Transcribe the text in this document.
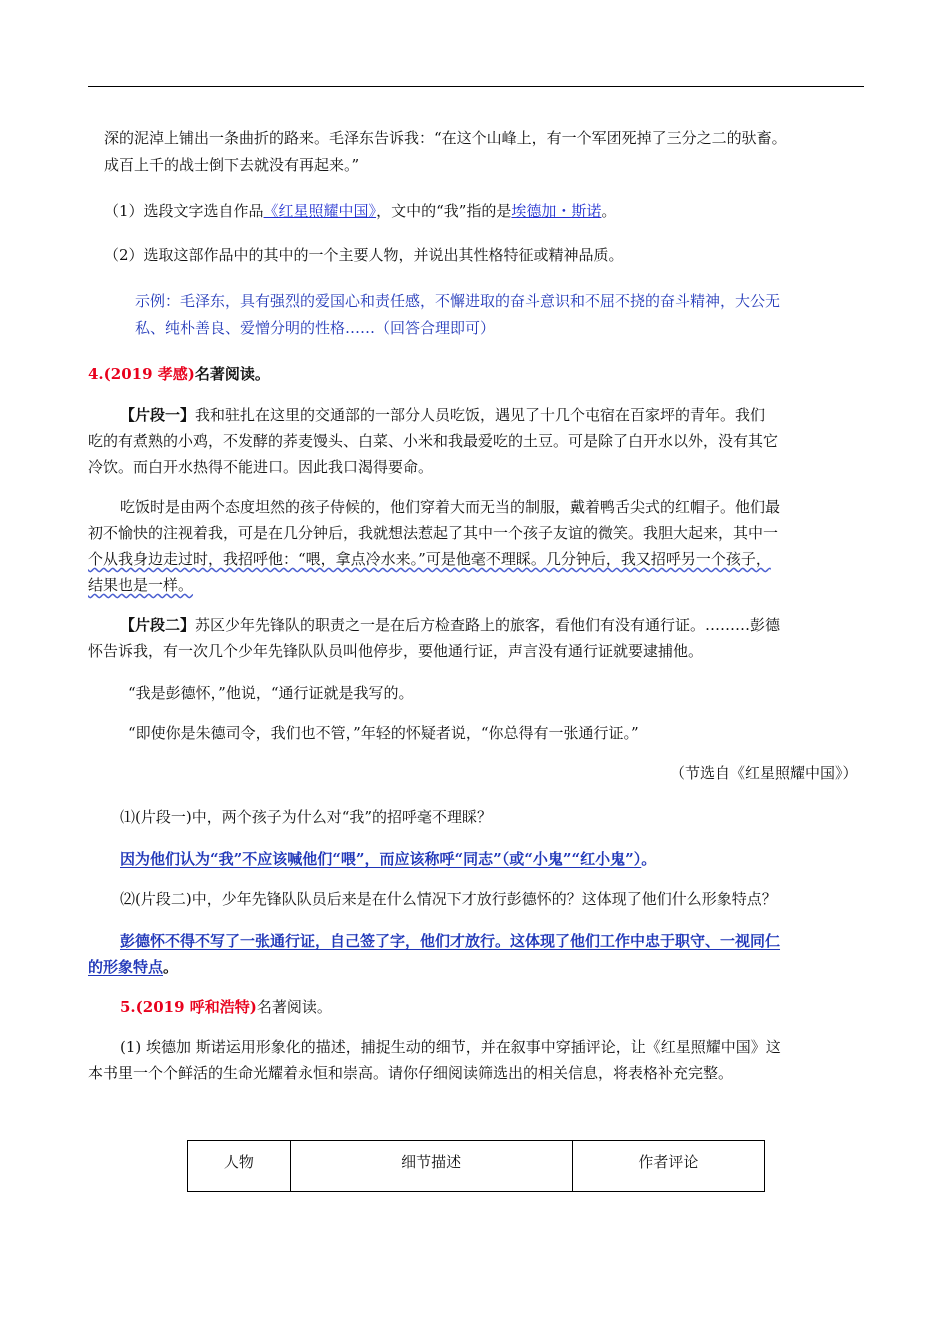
深的泥淖上铺出一条曲折的路来。毛泽东告诉我：“在这个山峰上，有一个军团死掉了三分之二的驮畜。
成百上千的战士倒下去就没有再起来。”
（1）选段文字选自作品《红星照耀中国》，文中的“我”指的是埃德加・斯诺。
（2）选取这部作品中的其中的一个主要人物，并说出其性格特征或精神品质。
示例：毛泽东，具有强烈的爱国心和责任感，不懈进取的奋斗意识和不屈不挠的奋斗精神，大公无
私、纯朴善良、爱憎分明的性格……（回答合理即可）
4.(2019 孝感)名著阅读。
【片段一】我和驻扎在这里的交通部的一部分人员吃饭，遇见了十几个屯宿在百家坪的青年。我们
吃的有煮熟的小鸡，不发酵的荞麦馒头、白菜、小米和我最爱吃的土豆。可是除了白开水以外，没有其它
冷饮。而白开水热得不能进口。因此我口渴得要命。
吃饭时是由两个态度坦然的孩子侍候的，他们穿着大而无当的制服，戴着鸭舌尖式的红帽子。他们最
初不愉快的注视着我，可是在几分钟后，我就想法惹起了其中一个孩子友谊的微笑。我胆大起来，其中一
个从我身边走过时，我招呼他：“喂，拿点冷水来。”可是他毫不理睬。几分钟后，我又招呼另一个孩子，
结果也是一样。
【片段二】苏区少年先锋队的职责之一是在后方检查路上的旅客，看他们有没有通行证。………彭德
怀告诉我，有一次几个少年先锋队队员叫他停步，要他通行证，声言没有通行证就要逮捕他。
“我是彭德怀，”他说，“通行证就是我写的。
“即使你是朱德司令，我们也不管，”年轻的怀疑者说，“你总得有一张通行证。”
（节选自《红星照耀中国》）
⑴(片段一)中，两个孩子为什么对“我”的招呼毫不理睬？
因为他们认为“我”不应该喊他们“喂”，而应该称呼“同志”（或“小鬼”“红小鬼”）。
⑵(片段二)中，少年先锋队队员后来是在什么情况下才放行彭德怀的？这体现了他们什么形象特点？
彭德怀不得不写了一张通行证，自己签了字，他们才放行。这体现了他们工作中忠于职守、一视同仁
的形象特点。
5.(2019 呼和浩特)名著阅读。
(1) 埃德加 斯诺运用形象化的描述，捕捉生动的细节，并在叙事中穿插评论，让《红星照耀中国》这
本书里一个个鲜活的生命光耀着永恒和崇高。请你仔细阅读筛选出的相关信息，将表格补充完整。
人物	细节描述	作者评论
